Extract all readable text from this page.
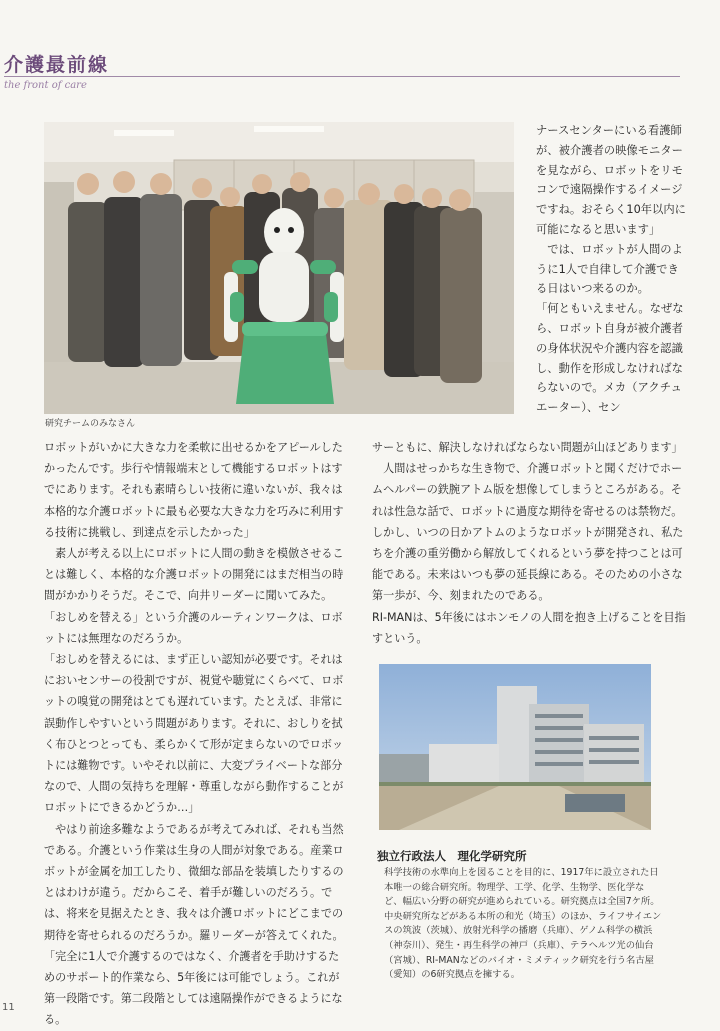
介護最前線
the front of care
研究チームのみなさん

ナースセンターにいる看護師が、被介護者の映像モニターを見ながら、ロボットをリモコンで遠隔操作するイメージですね。おそらく10年以内に可能になると思います」

では、ロボットが人間のように1人で自律して介護できる日はいつ来るのか。

「何ともいえません。なぜなら、ロボット自身が被介護者の身体状況や介護内容を認識し、動作を形成しなければならないので。メカ（アクチュエーター）、セン

ロボットがいかに大きな力を柔軟に出せるかをアピールしたかったんです。歩行や情報端末として機能するロボットはすでにあります。それも素晴らしい技術に違いないが、我々は本格的な介護ロボットに最も必要な大きな力を巧みに利用する技術に挑戦し、到達点を示したかった」

素人が考える以上にロボットに人間の動きを模倣させることは難しく、本格的な介護ロボットの開発にはまだ相当の時間がかかりそうだ。そこで、向井リーダーに聞いてみた。「おしめを替える」という介護のルーティンワークは、ロボットには無理なのだろうか。

「おしめを替えるには、まず正しい認知が必要です。それはにおいセンサーの役割ですが、視覚や聴覚にくらべて、ロボットの嗅覚の開発はとても遅れています。たとえば、非常に誤動作しやすいという問題があります。それに、おしりを拭く布ひとつとっても、柔らかくて形が定まらないのでロボットには難物です。いやそれ以前に、大変プライベートな部分なので、人間の気持ちを理解・尊重しながら動作することがロボットにできるかどうか…」

やはり前途多難なようであるが考えてみれば、それも当然である。介護という作業は生身の人間が対象である。産業ロボットが金属を加工したり、微細な部品を装填したりするのとはわけが違う。だからこそ、着手が難しいのだろう。では、将来を見据えたとき、我々は介護ロボットにどこまでの期待を寄せられるのだろうか。羅リーダーが答えてくれた。

「完全に1人で介護するのではなく、介護者を手助けするためのサポート的作業なら、5年後には可能でしょう。これが第一段階です。第二段階としては遠隔操作ができるようになる。

サーともに、解決しなければならない問題が山ほどあります」

人間はせっかちな生き物で、介護ロボットと聞くだけでホームヘルパーの鉄腕アトム版を想像してしまうところがある。それは性急な話で、ロボットに過度な期待を寄せるのは禁物だ。しかし、いつの日かアトムのようなロボットが開発され、私たちを介護の重労働から解放してくれるという夢を持つことは可能である。未来はいつも夢の延長線にある。そのための小さな第一歩が、今、刻まれたのである。

RI-MANは、5年後にはホンモノの人間を抱き上げることを目指すという。

独立行政法人　理化学研究所
科学技術の水準向上を図ることを目的に、1917年に設立された日本唯一の総合研究所。物理学、工学、化学、生物学、医化学など、幅広い分野の研究が進められている。研究拠点は全国7ケ所。中央研究所などがある本所の和光（埼玉）のほか、ライフサイエンスの筑波（茨城）、放射光科学の播磨（兵庫）、ゲノム科学の横浜（神奈川）、発生・再生科学の神戸（兵庫）、テラヘルツ光の仙台（宮城）、RI-MANなどのバイオ・ミメティック研究を行う名古屋（愛知）の6研究拠点を擁する。
11
